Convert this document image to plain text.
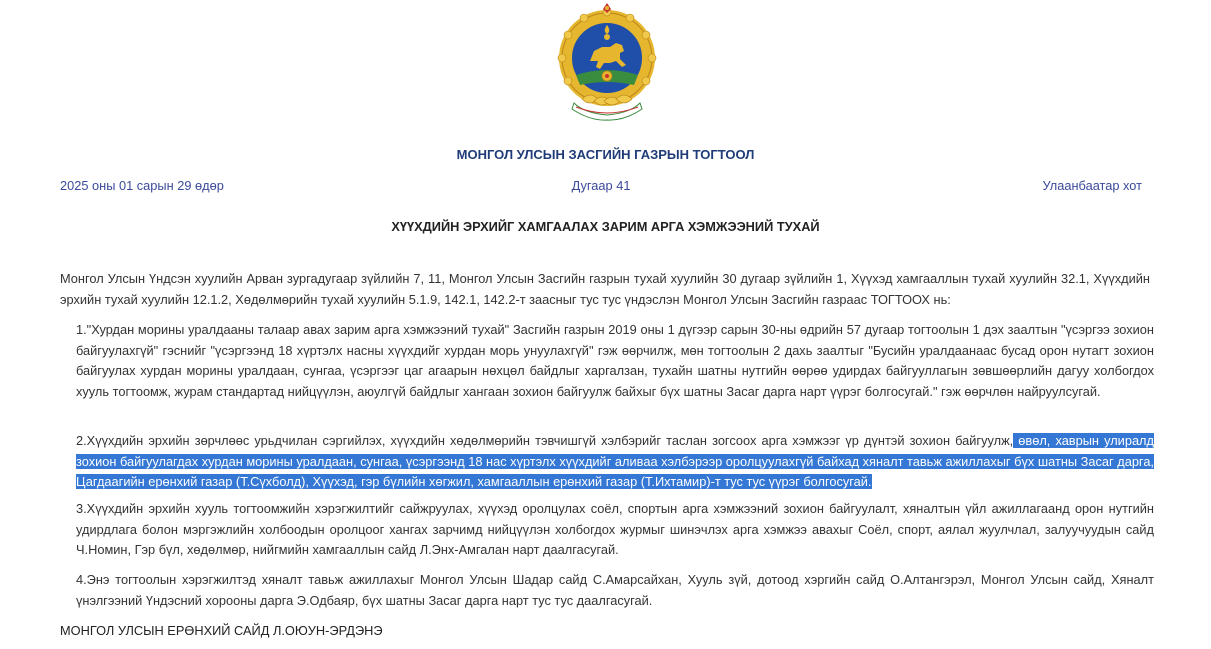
МОНГОЛ УЛСЫН ЗАСГИЙН ГАЗРЫН ТОГТООЛ
2025 оны 01 сарын 29 өдөр	Дугаар 41	Улаанбаатар хот
ХҮҮХДИЙН ЭРХИЙГ ХАМГААЛАХ ЗАРИМ АРГА ХЭМЖЭЭНИЙ ТУХАЙ

Монгол Улсын Үндсэн хуулийн Арван зургадугаар зүйлийн 7, 11, Монгол Улсын Засгийн газрын тухай хуулийн 30 дугаар зүйлийн 1, Хүүхэд хамгааллын тухай хуулийн 32.1, Хүүхдийн эрхийн тухай хуулийн 12.1.2, Хөдөлмөрийн тухай хуулийн 5.1.9, 142.1, 142.2-т заасныг тус тус үндэслэн Монгол Улсын Засгийн газраас ТОГТООХ нь:

1."Хурдан морины уралдааны талаар авах зарим арга хэмжээний тухай" Засгийн газрын 2019 оны 1 дүгээр сарын 30-ны өдрийн 57 дугаар тогтоолын 1 дэх заалтын "үсэргээ зохион байгуулахгүй" гэснийг "үсэргээнд 18 хүртэлх насны хүүхдийг хурдан морь унуулахгүй" гэж өөрчилж, мөн тогтоолын 2 дахь заалтыг "Бусийн уралдаанаас бусад орон нутагт зохион байгуулах хурдан морины уралдаан, сунгаа, үсэргээг цаг агаарын нөхцөл байдлыг харгалзан, тухайн шатны нутгийн өөрөө удирдах байгууллагын зөвшөөрлийн дагуу холбогдох хууль тогтоомж, журам стандартад нийцүүлэн, аюулгүй байдлыг хангаан зохион байгуулж байхыг бүх шатны Засаг дарга нарт үүрэг болгосугай." гэж өөрчлөн найруулсугай.

2.Хүүхдийн эрхийн зөрчлөөс урьдчилан сэргийлэх, хүүхдийн хөдөлмөрийн тэвчишгүй хэлбэрийг таслан зогсоох арга хэмжээг үр дүнтэй зохион байгуулж, өвөл, хаврын улиралд зохион байгуулагдах хурдан морины уралдаан, сунгаа, үсэргээнд 18 нас хүртэлх хүүхдийг аливаа хэлбэрээр оролцуулахгүй байхад хяналт тавьж ажиллахыг бүх шатны Засаг дарга, Цагдаагийн ерөнхий газар (Т.Сүхболд), Хүүхэд, гэр бүлийн хөгжил, хамгааллын ерөнхий газар (Т.Ихтамир)-т тус тус үүрэг болгосугай.

3.Хүүхдийн эрхийн хууль тогтоомжийн хэрэгжилтийг сайжруулах, хүүхэд оролцулах соёл, спортын арга хэмжээний зохион байгуулалт, хяналтын үйл ажиллагаанд орон нутгийн удирдлага болон мэргэжлийн холбоодын оролцоог хангах зарчимд нийцүүлэн холбогдох журмыг шинэчлэх арга хэмжээ авахыг Соёл, спорт, аялал жуулчлал, залуучуудын сайд Ч.Номин, Гэр бүл, хөдөлмөр, нийгмийн хамгааллын сайд Л.Энх-Амгалан нарт даалгасугай.

4.Энэ тогтоолын хэрэгжилтэд хяналт тавьж ажиллахыг Монгол Улсын Шадар сайд С.Амарсайхан, Хууль зүй, дотоод хэргийн сайд О.Алтангэрэл, Монгол Улсын сайд, Хяналт үнэлгээний Үндэсний хорооны дарга Э.Одбаяр, бүх шатны Засаг дарга нарт тус тус даалгасугай.

МОНГОЛ УЛСЫН ЕРӨНХИЙ САЙД Л.ОЮУН-ЭРДЭНЭ
